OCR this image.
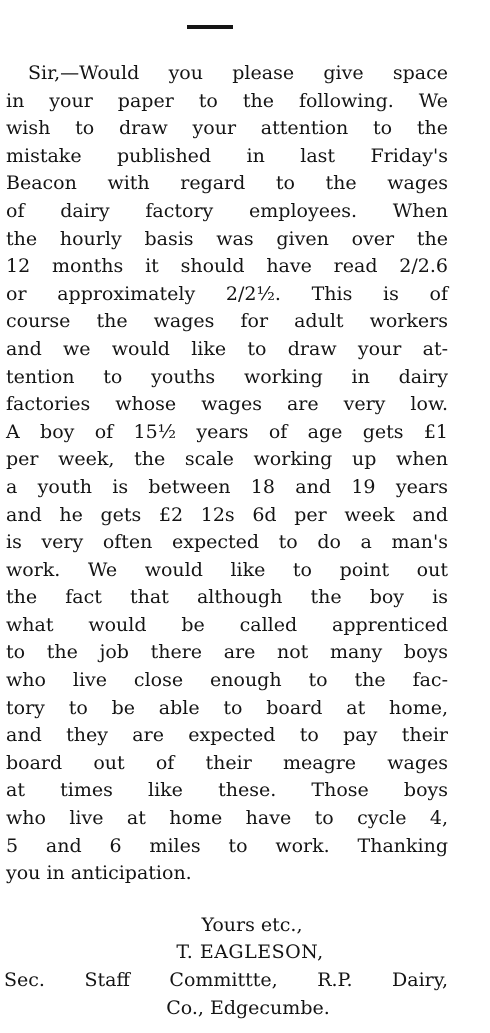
Sir,—Would you please give space
in your paper to the following. We
wish to draw your attention to the
mistake published in last Friday's
Beacon with regard to the wages
of dairy factory employees. When
the hourly basis was given over the
12 months it should have read 2/2.6
or approximately 2/2½. This is of
course the wages for adult workers
and we would like to draw your at-
tention to youths working in dairy
factories whose wages are very low.
A boy of 15½ years of age gets £1
per week, the scale working up when
a youth is between 18 and 19 years
and he gets £2 12s 6d per week and
is very often expected to do a man's
work. We would like to point out
the fact that although the boy is
what would be called apprenticed
to the job there are not many boys
who live close enough to the fac-
tory to be able to board at home,
and they are expected to pay their
board out of their meagre wages
at times like these. Those boys
who live at home have to cycle 4,
5 and 6 miles to work. Thanking
you in anticipation.
Yours etc.,
T. EAGLESON,
Sec. Staff Committte, R.P. Dairy,
Co., Edgecumbe.
